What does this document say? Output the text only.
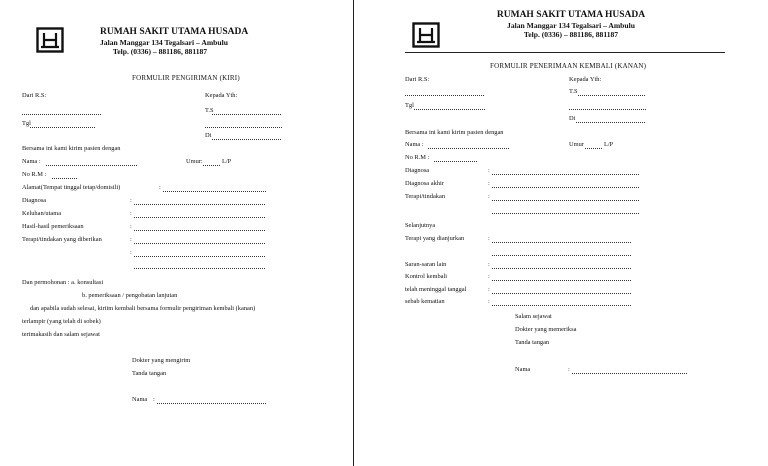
RUMAH SAKIT UTAMA HUSADA
Jalan Manggar 134 Tegalsari – Ambulu
Telp. (0336) – 881186, 881187
FORMULIR PENGIRIMAN (KIRI)
Dari R.S:	Kepada Yth:
T.S
Tgl
Di
Bersama ini kami kirim pasien dengan
Nama :	Umur:	L/P
No R.M :
Alamat(Tempat tinggal tetap/domisili)	:
Diagnosa	:
Keluhan/utama	:
Hasil-hasil pemeriksaan	:
Terapi/tindakan yang diberikan	:
:
Dan permohonan : a. konsultasi
b. pemeriksaan / pengobatan lanjutan
dan apabila sudah selesai, kiriim kembali bersama formulir pengiriman kembali (kanan)
terlampir (yang telah di sobek)
terimakasih dan salam sejawat
Dokter yang mengirim
Tanda tangan
Nama :
RUMAH SAKIT UTAMA HUSADA
Jalan Manggar 134 Tegalsari – Ambulu
Telp. (0336) – 881186, 881187
FORMULIR PENERIMAAN KEMBALI (KANAN)
Dari R.S:	Kepada Yth:
T.S
Tgl
Di
Bersama ini kami kirim pasien dengan
Nama :	Umur	L/P
No R.M :
Diagnosa	:
Diagnosa akhir	:
Terapi/tindakan	:
Selanjutnya
Terapi yang dianjurkan	:
Saran-saran lain	:
Kontrol kembali	:
telah meninggal tanggal	:
sebab kematian	:
Salam sejawat
Dokter yang memeriksa
Tanda tangan
Nama	:
